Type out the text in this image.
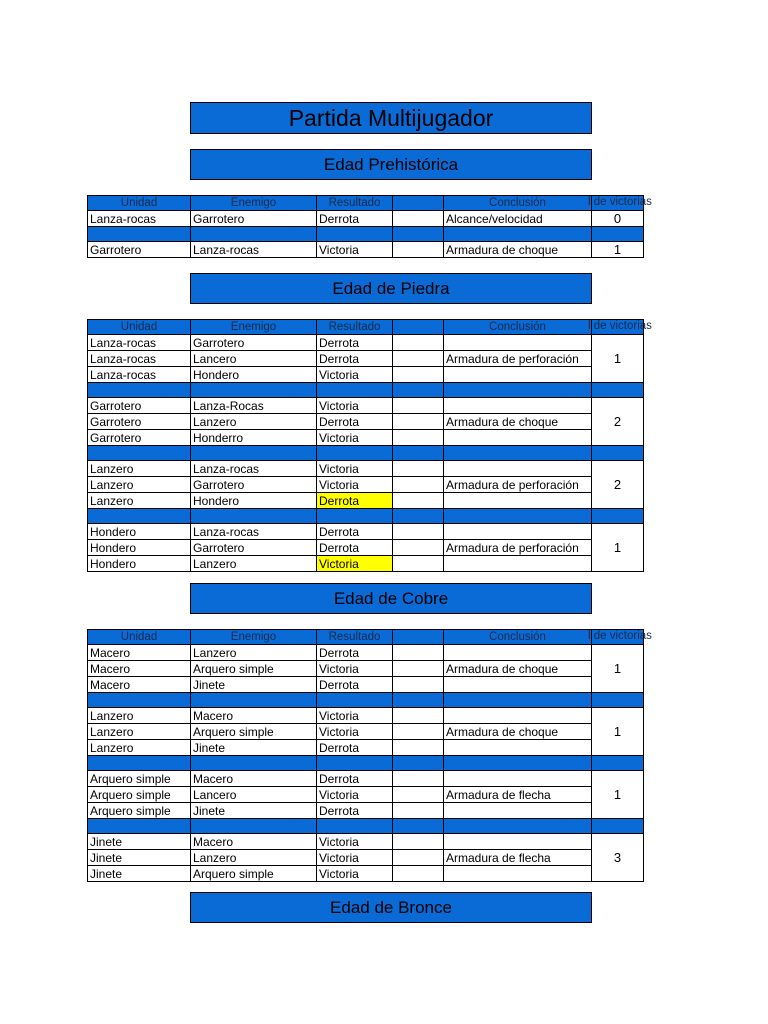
Partida Multijugador
Edad Prehistórica
Unidad	Enemigo	Resultado		Conclusión	l de victorias

Lanza-rocas	Garrotero	Derrota		Alcance/velocidad	0

Garrotero	Lanza-rocas	Victoria		Armadura de choque	1
Edad de Piedra
Unidad	Enemigo	Resultado		Conclusión	l de victorias

Lanza-rocas	Garrotero	Derrota			1
Lanza-rocas	Lancero	Derrota		Armadura de perforación	
Lanza-rocas	Hondero	Victoria			

Garrotero	Lanza-Rocas	Victoria			2
Garrotero	Lanzero	Derrota		Armadura de choque	
Garrotero	Honderro	Victoria			

Lanzero	Lanza-rocas	Victoria			2
Lanzero	Garrotero	Victoria		Armadura de perforación	
Lanzero	Hondero	Derrota			

Hondero	Lanza-rocas	Derrota			1
Hondero	Garrotero	Derrota		Armadura de perforación	
Hondero	Lanzero	Victoria			
Edad de Cobre
Unidad	Enemigo	Resultado		Conclusión	l de victorias

Macero	Lanzero	Derrota			1
Macero	Arquero simple	Victoria		Armadura de choque	
Macero	Jinete	Derrota			

Lanzero	Macero	Victoria			1
Lanzero	Arquero simple	Victoria		Armadura de choque	
Lanzero	Jinete	Derrota			

Arquero simple	Macero	Derrota			1
Arquero simple	Lancero	Victoria		Armadura de flecha	
Arquero simple	Jinete	Derrota			

Jinete	Macero	Victoria			3
Jinete	Lanzero	Victoria		Armadura de flecha	
Jinete	Arquero simple	Victoria			
Edad de Bronce
